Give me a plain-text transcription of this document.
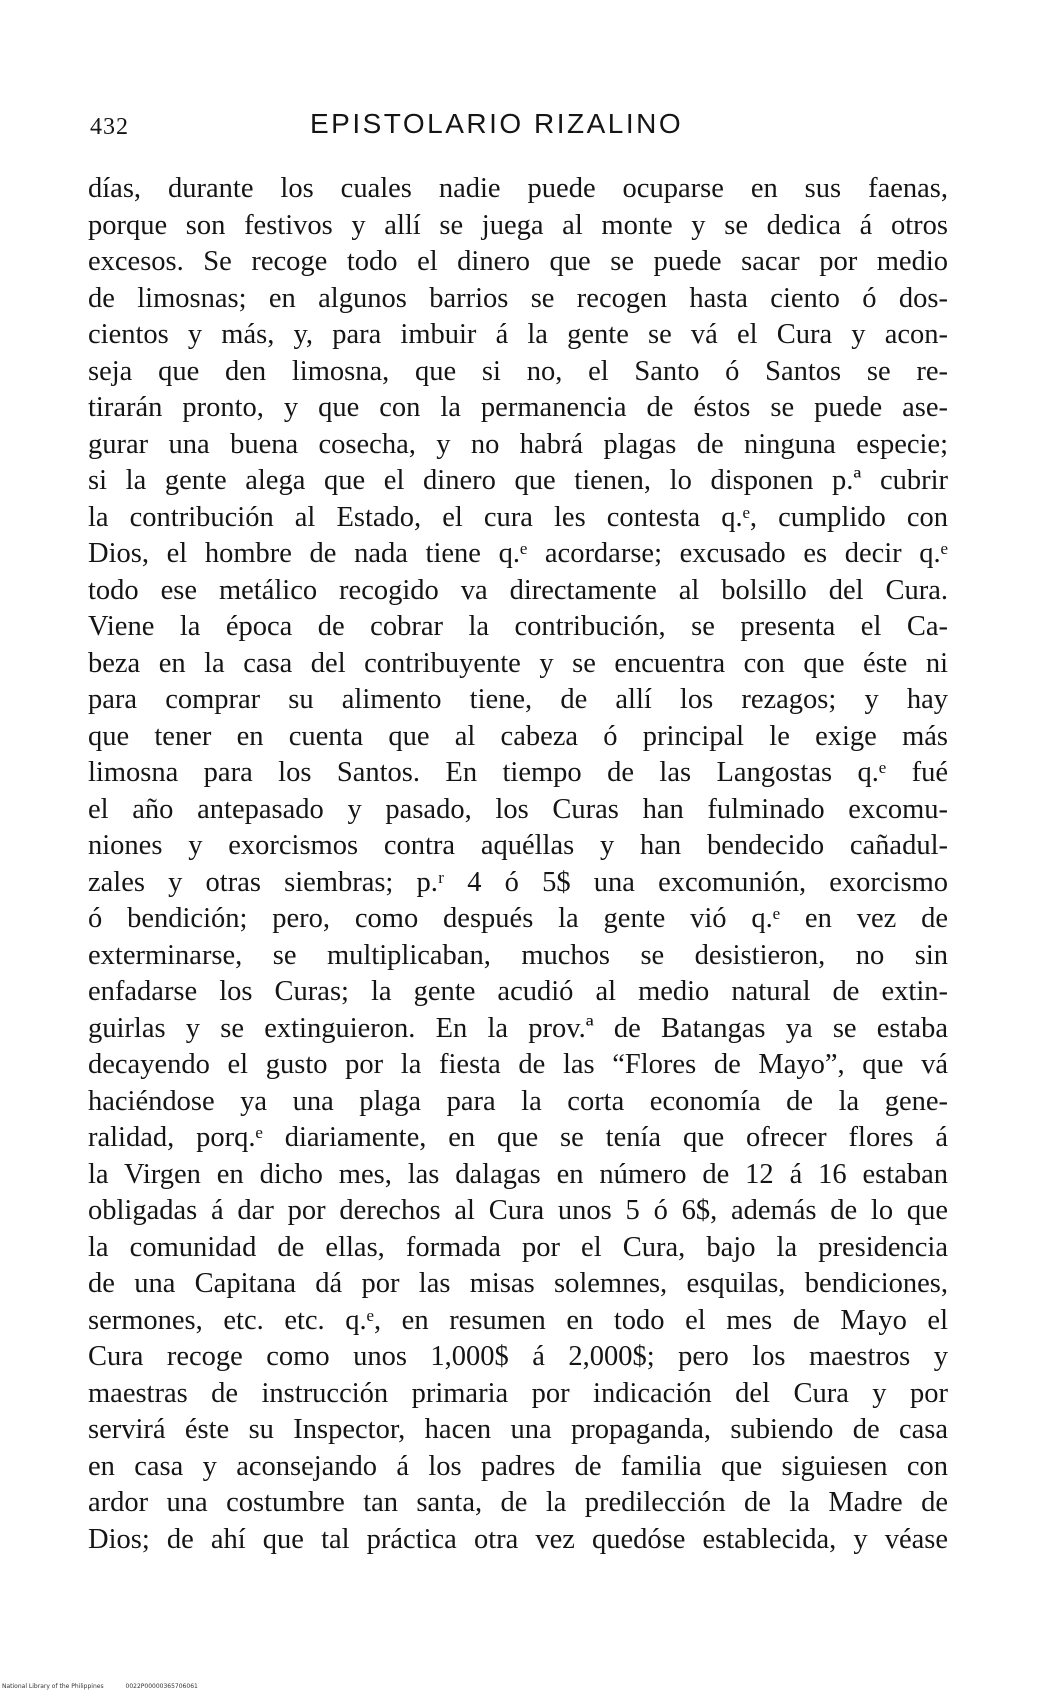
432	EPISTOLARIO RIZALINO
días, durante los cuales nadie puede ocuparse en sus faenas,
porque son festivos y allí se juega al monte y se dedica á otros
excesos. Se recoge todo el dinero que se puede sacar por medio
de limosnas; en algunos barrios se recogen hasta ciento ó dos-
cientos y más, y, para imbuir á la gente se vá el Cura y acon-
seja que den limosna, que si no, el Santo ó Santos se re-
tirarán pronto, y que con la permanencia de éstos se puede ase-
gurar una buena cosecha, y no habrá plagas de ninguna especie;
si la gente alega que el dinero que tienen, lo disponen p.ª cubrir
la contribución al Estado, el cura les contesta q.ᵉ, cumplido con
Dios, el hombre de nada tiene q.ᵉ acordarse; excusado es decir q.ᵉ
todo ese metálico recogido va directamente al bolsillo del Cura.
Viene la época de cobrar la contribución, se presenta el Ca-
beza en la casa del contribuyente y se encuentra con que éste ni
para comprar su alimento tiene, de allí los rezagos; y hay
que tener en cuenta que al cabeza ó principal le exige más
limosna para los Santos. En tiempo de las Langostas q.ᵉ fué
el año antepasado y pasado, los Curas han fulminado excomu-
niones y exorcismos contra aquéllas y han bendecido cañadul-
zales y otras siembras; p.ʳ 4 ó 5$ una excomunión, exorcismo
ó bendición; pero, como después la gente vió q.ᵉ en vez de
exterminarse, se multiplicaban, muchos se desistieron, no sin
enfadarse los Curas; la gente acudió al medio natural de extin-
guirlas y se extinguieron. En la prov.ª de Batangas ya se estaba
decayendo el gusto por la fiesta de las “Flores de Mayo”, que vá
haciéndose ya una plaga para la corta economía de la gene-
ralidad, porq.ᵉ diariamente, en que se tenía que ofrecer flores á
la Virgen en dicho mes, las dalagas en número de 12 á 16 estaban
obligadas á dar por derechos al Cura unos 5 ó 6$, además de lo que
la comunidad de ellas, formada por el Cura, bajo la presidencia
de una Capitana dá por las misas solemnes, esquilas, bendiciones,
sermones, etc. etc. q.ᵉ, en resumen en todo el mes de Mayo el
Cura recoge como unos 1,000$ á 2,000$; pero los maestros y
maestras de instrucción primaria por indicación del Cura y por
servirá éste su Inspector, hacen una propaganda, subiendo de casa
en casa y aconsejando á los padres de familia que siguiesen con
ardor una costumbre tan santa, de la predilección de la Madre de
Dios; de ahí que tal práctica otra vez quedóse establecida, y véase
National Library of the Philippines	0022P00000365706061
